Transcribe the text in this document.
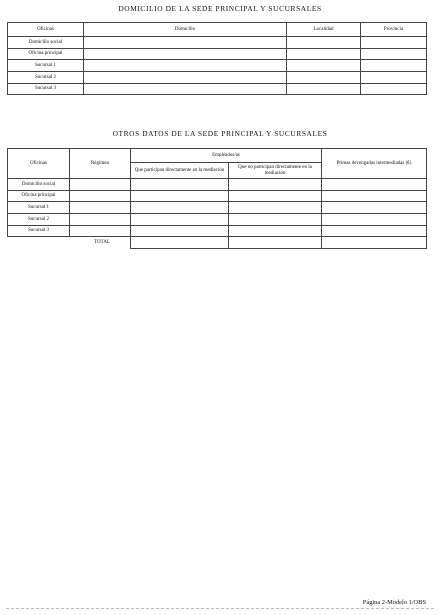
DOMICILIO DE LA SEDE PRINCIPAL Y SUCURSALES
Oficinas	Domicilio	Localidad	Provincia
Domicilio social			
Oficina principal			
Sucursal 1			
Sucursal 2			
Sucursal 3			
OTROS DATOS DE LA SEDE PRINCIPAL Y SUCURSALES
Oficinas	Régimen	Empleados/as		Primas devengadas intermediadas (€)
		Que participan directamente en la mediación	Que no participan directamente en la mediación	
Domicilio social				
Oficina principal				
Sucursal 1				
Sucursal 2				
Sucursal 3				
	TOTAL			
Página 2-Modelo 1/OBS
